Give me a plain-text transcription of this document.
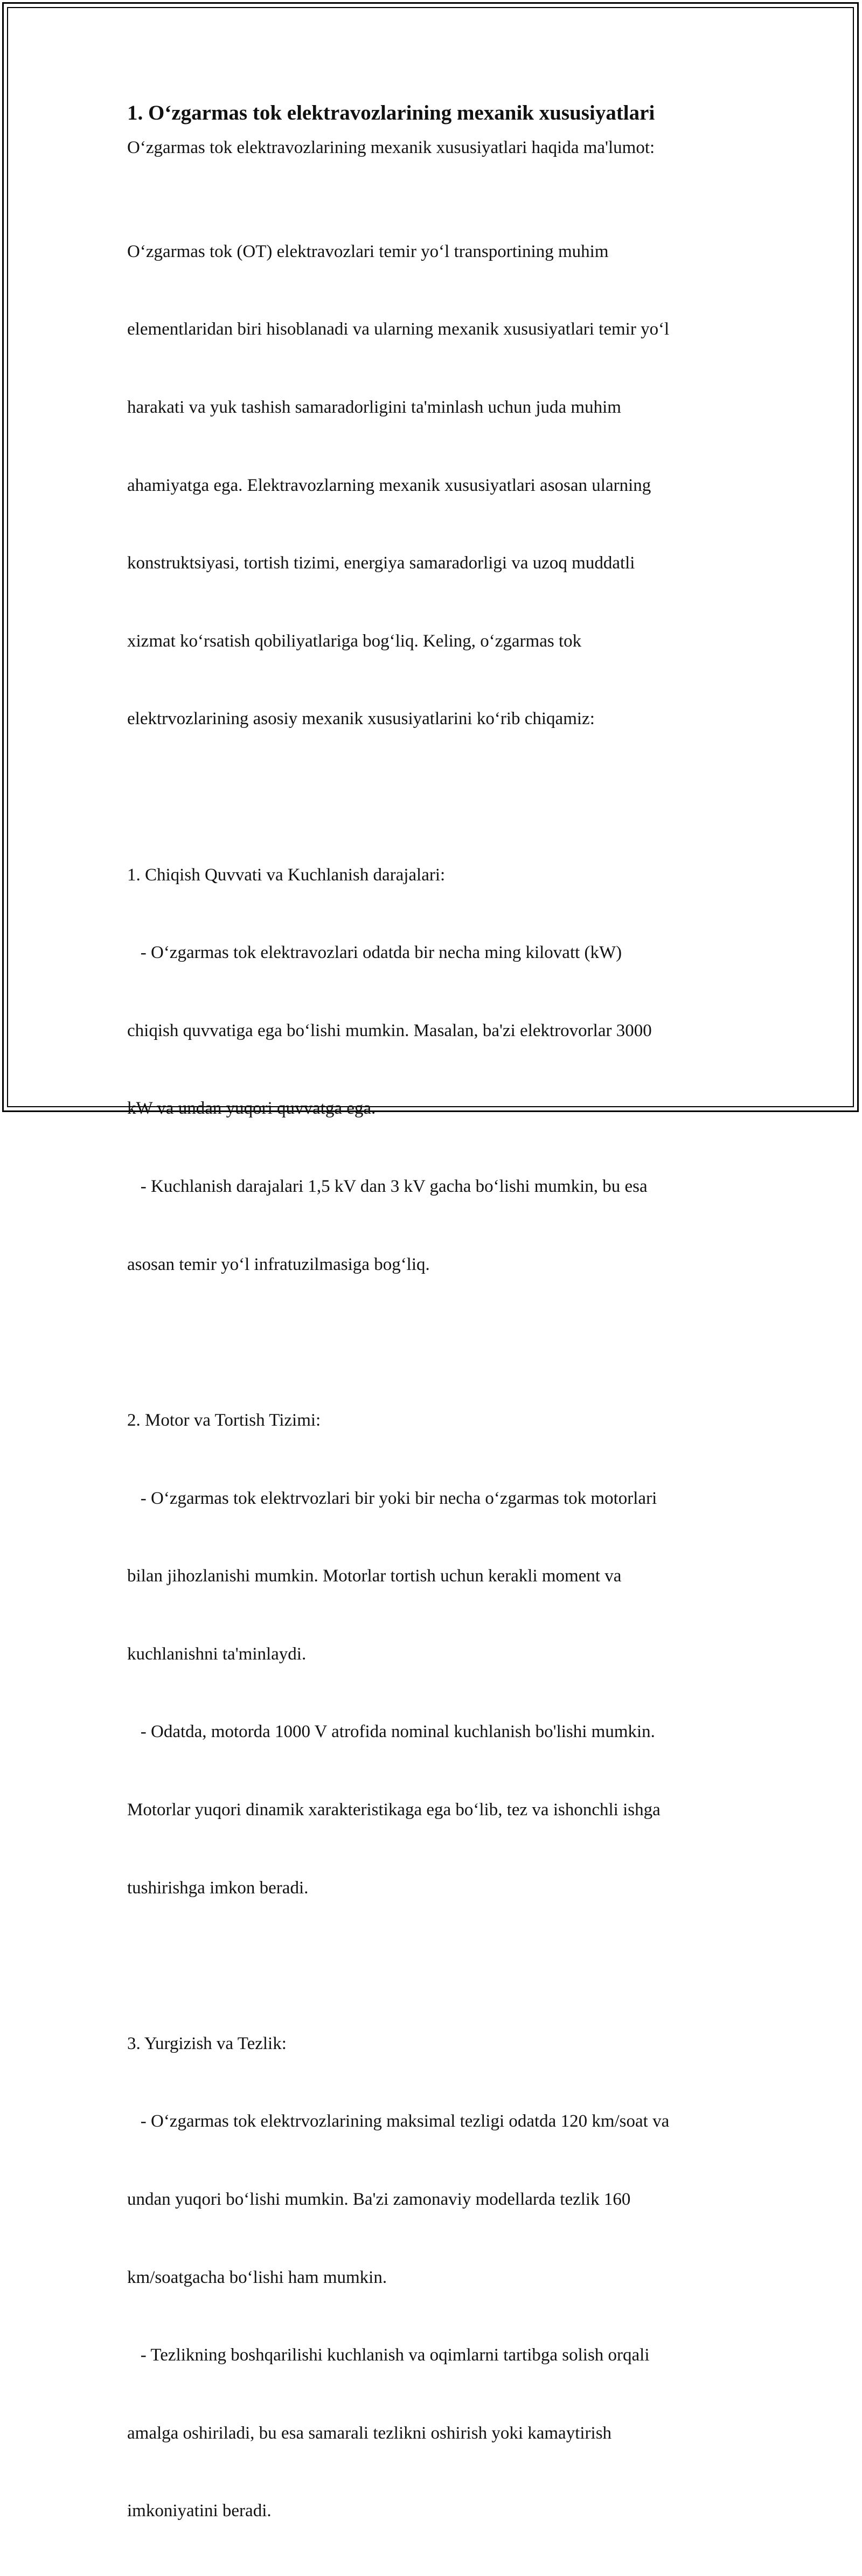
1. O‘zgarmas tok elektravozlarining mexanik xususiyatlari

O‘zgarmas tok elektravozlarining mexanik xususiyatlari haqida ma'lumot:

O‘zgarmas tok (OT) elektravozlari temir yo‘l transportining muhim

elementlaridan biri hisoblanadi va ularning mexanik xususiyatlari temir yo‘l

harakati va yuk tashish samaradorligini ta'minlash uchun juda muhim

ahamiyatga ega. Elektravozlarning mexanik xususiyatlari asosan ularning

konstruktsiyasi, tortish tizimi, energiya samaradorligi va uzoq muddatli

xizmat ko‘rsatish qobiliyatlariga bog‘liq. Keling, o‘zgarmas tok

elektrvozlarining asosiy mexanik xususiyatlarini ko‘rib chiqamiz:

1. Chiqish Quvvati va Kuchlanish darajalari:

- O‘zgarmas tok elektravozlari odatda bir necha ming kilovatt (kW)

chiqish quvvatiga ega bo‘lishi mumkin. Masalan, ba'zi elektrovorlar 3000

kW va undan yuqori quvvatga ega.

- Kuchlanish darajalari 1,5 kV dan 3 kV gacha bo‘lishi mumkin, bu esa

asosan temir yo‘l infratuzilmasiga bog‘liq.

2. Motor va Tortish Tizimi:

- O‘zgarmas tok elektrvozlari bir yoki bir necha o‘zgarmas tok motorlari

bilan jihozlanishi mumkin. Motorlar tortish uchun kerakli moment va

kuchlanishni ta'minlaydi.

- Odatda, motorda 1000 V atrofida nominal kuchlanish bo'lishi mumkin.

Motorlar yuqori dinamik xarakteristikaga ega bo‘lib, tez va ishonchli ishga

tushirishga imkon beradi.

3. Yurgizish va Tezlik:

- O‘zgarmas tok elektrvozlarining maksimal tezligi odatda 120 km/soat va

undan yuqori bo‘lishi mumkin. Ba'zi zamonaviy modellarda tezlik 160

km/soatgacha bo‘lishi ham mumkin.

- Tezlikning boshqarilishi kuchlanish va oqimlarni tartibga solish orqali

amalga oshiriladi, bu esa samarali tezlikni oshirish yoki kamaytirish

imkoniyatini beradi.
